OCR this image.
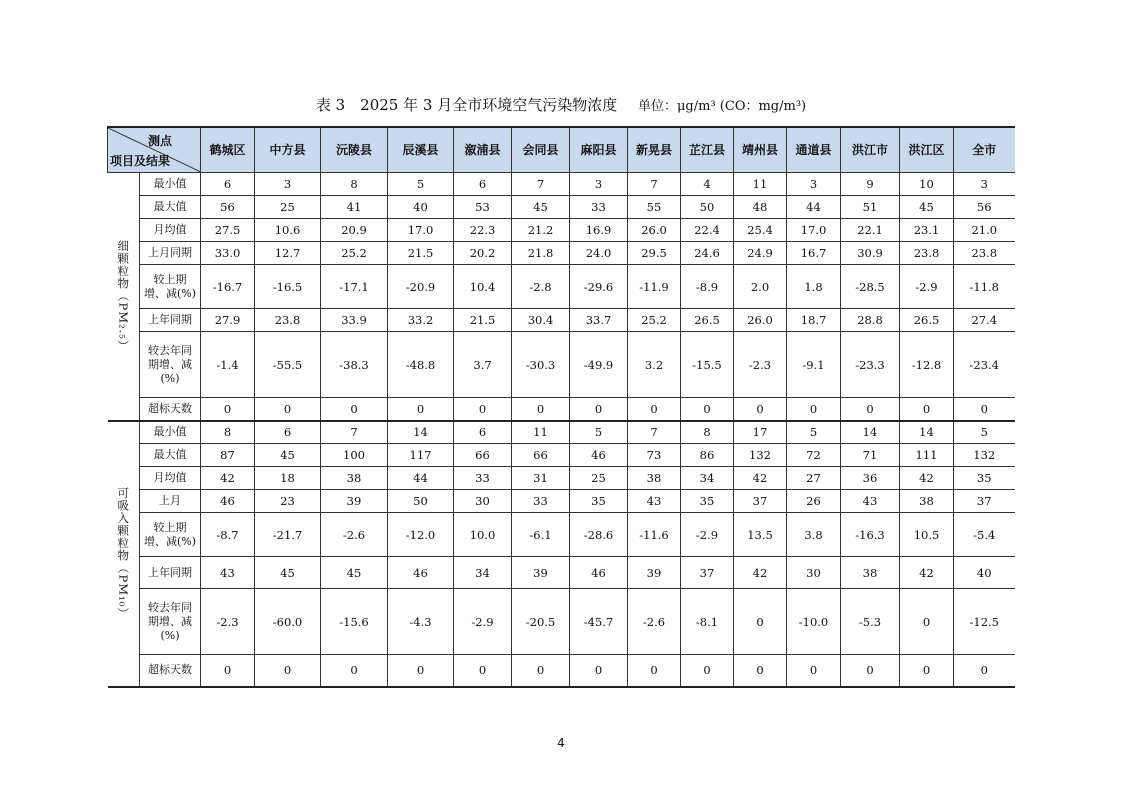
表 3　2025 年 3 月全市环境空气污染物浓度 单位：μg/m³ (CO：mg/m³)
测点
项目及结果		鹤城区	中方县	沅陵县	辰溪县	溆浦县	会同县	麻阳县	新晃县	芷江县	靖州县	通道县	洪江市	洪江区	全市
细颗粒物（PM₂.₅）	最小值	6	3	8	5	6	7	3	7	4	11	3	9	10	3
	最大值	56	25	41	40	53	45	33	55	50	48	44	51	45	56
	月均值	27.5	10.6	20.9	17.0	22.3	21.2	16.9	26.0	22.4	25.4	17.0	22.1	23.1	21.0
	上月同期	33.0	12.7	25.2	21.5	20.2	21.8	24.0	29.5	24.6	24.9	16.7	30.9	23.8	23.8
	较上期
增、减(%)	-16.7	-16.5	-17.1	-20.9	10.4	-2.8	-29.6	-11.9	-8.9	2.0	1.8	-28.5	-2.9	-11.8
	上年同期	27.9	23.8	33.9	33.2	21.5	30.4	33.7	25.2	26.5	26.0	18.7	28.8	26.5	27.4
	较去年同
期增、减
(%)	-1.4	-55.5	-38.3	-48.8	3.7	-30.3	-49.9	3.2	-15.5	-2.3	-9.1	-23.3	-12.8	-23.4
	超标天数	0	0	0	0	0	0	0	0	0	0	0	0	0	0
可吸入颗粒物（PM₁₀）	最小值	8	6	7	14	6	11	5	7	8	17	5	14	14	5
	最大值	87	45	100	117	66	66	46	73	86	132	72	71	111	132
	月均值	42	18	38	44	33	31	25	38	34	42	27	36	42	35
	上月	46	23	39	50	30	33	35	43	35	37	26	43	38	37
	较上期
增、减(%)	-8.7	-21.7	-2.6	-12.0	10.0	-6.1	-28.6	-11.6	-2.9	13.5	3.8	-16.3	10.5	-5.4
	上年同期	43	45	45	46	34	39	46	39	37	42	30	38	42	40
	较去年同
期增、减
(%)	-2.3	-60.0	-15.6	-4.3	-2.9	-20.5	-45.7	-2.6	-8.1	0	-10.0	-5.3	0	-12.5
	超标天数	0	0	0	0	0	0	0	0	0	0	0	0	0	0
4
